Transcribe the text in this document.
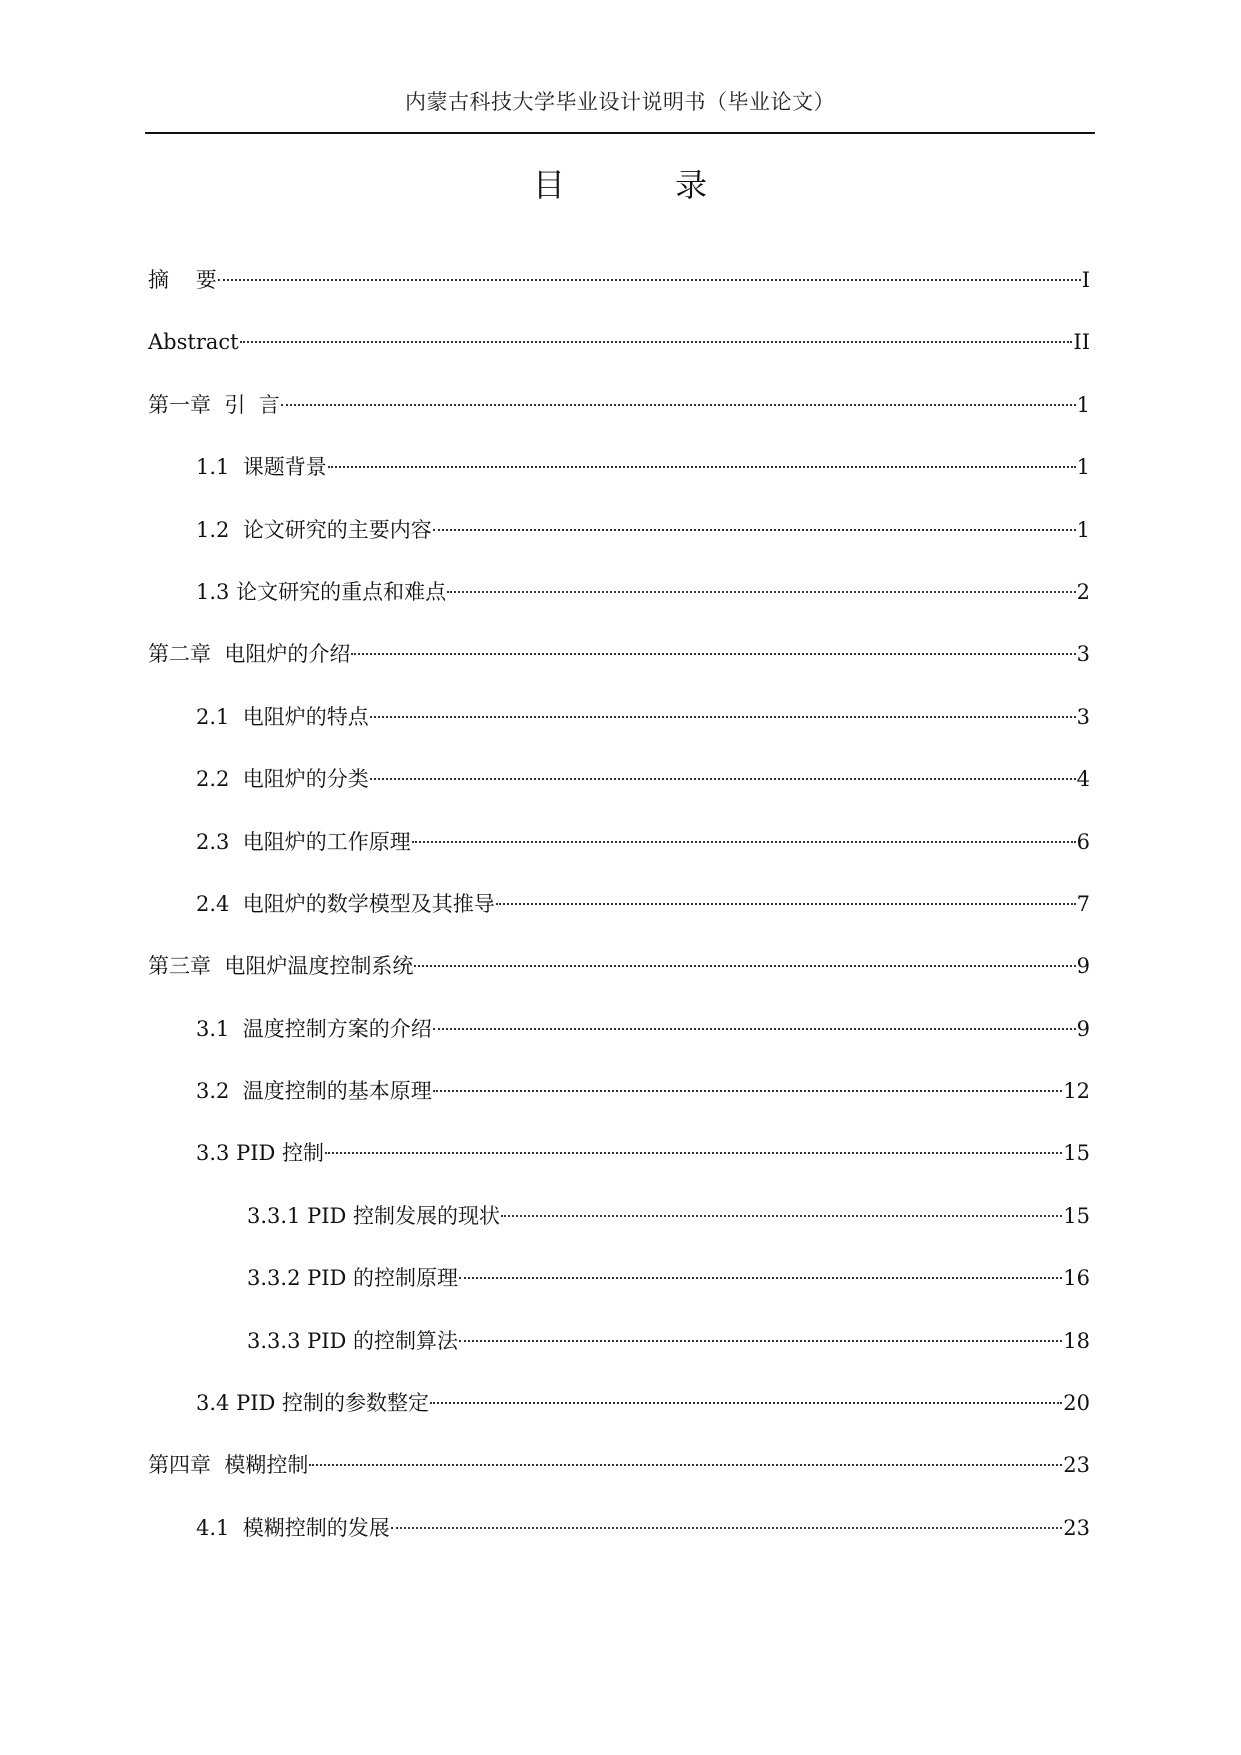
内蒙古科技大学毕业设计说明书（毕业论文）
目  录
摘    要	I
Abstract	II
第一章  引  言	1
1.1  课题背景	1
1.2  论文研究的主要内容	1
1.3 论文研究的重点和难点	2
第二章  电阻炉的介绍	3
2.1  电阻炉的特点	3
2.2  电阻炉的分类	4
2.3  电阻炉的工作原理	6
2.4  电阻炉的数学模型及其推导	7
第三章  电阻炉温度控制系统	9
3.1  温度控制方案的介绍	9
3.2  温度控制的基本原理	12
3.3 PID 控制	15
3.3.1 PID 控制发展的现状	15
3.3.2 PID 的控制原理	16
3.3.3 PID 的控制算法	18
3.4 PID 控制的参数整定	20
第四章  模糊控制	23
4.1  模糊控制的发展	23
